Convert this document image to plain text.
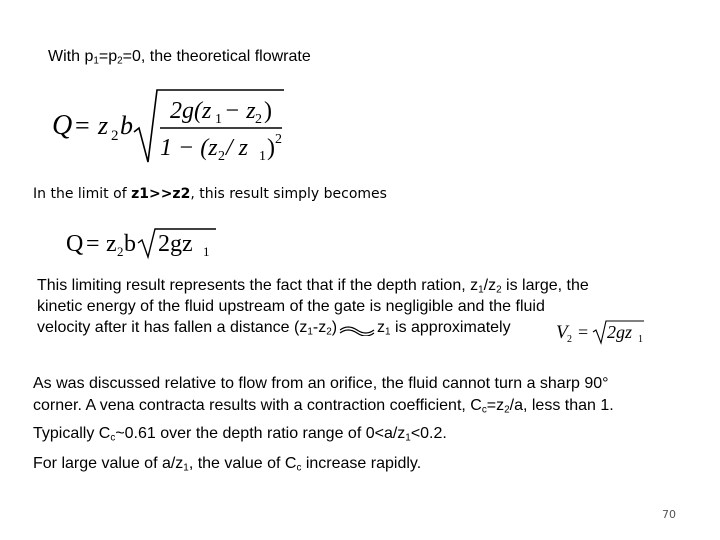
With $p_1=p_2=0$, the theoretical flowrate
Q = z 2 b 2g(z 1 − z 2 )
1 − (z 2 / z 1 ) 2
In the limit of z1>>z2, this result simply becomes
Q = z 2 b 2gz 1
This limiting result represents the fact that if the depth ration, $z_1/z_2$ is large, the
kinetic energy of the fluid upstream of the gate is negligible and the fluid
velocity after it has fallen a distance $(z_1-z_2)$	$z_1$ is approximately	V 2 = 2gz 1
As was discussed relative to flow from an orifice, the fluid cannot turn a sharp 90°
corner. A vena contracta results with a contraction coefficient, $C_c=z_2/a$, less than 1.
Typically $C_c\sim 0.61$ over the depth ratio range of $0<a/z_1<0.2$.
For large value of $a/z_1$, the value of $C_c$ increase rapidly.
70
